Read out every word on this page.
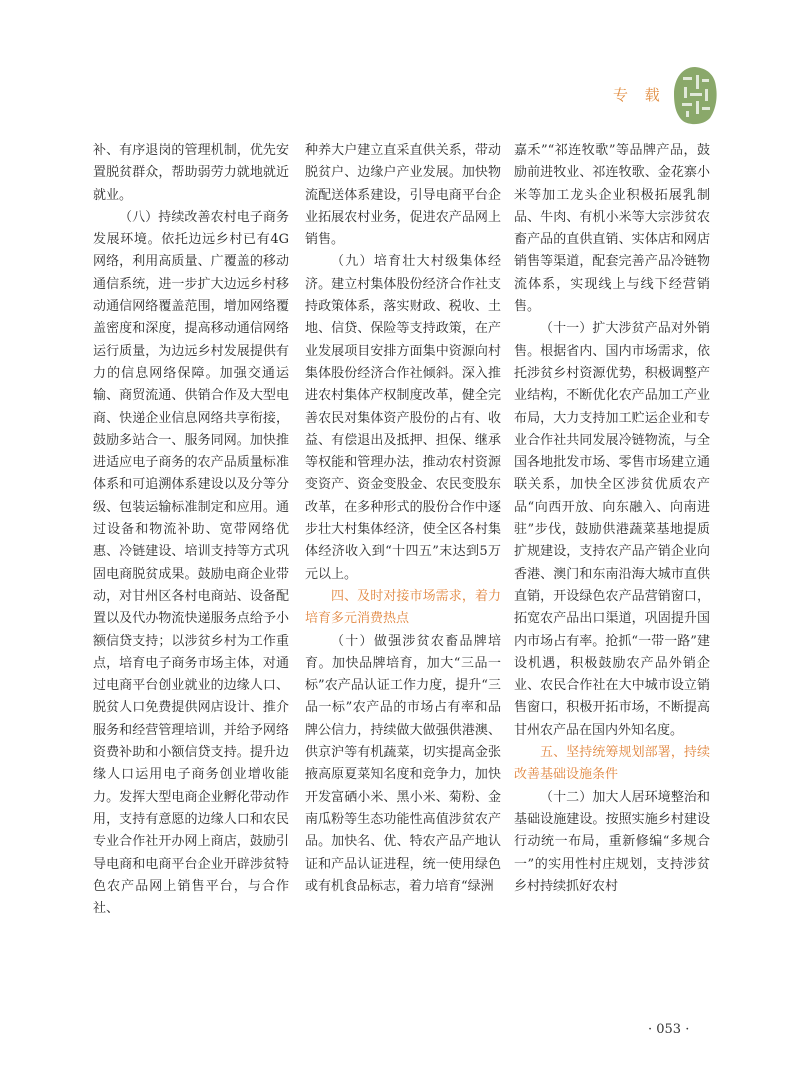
专 载

补、有序退岗的管理机制，优先安置脱贫群众，帮助弱劳力就地就近就业。

（八）持续改善农村电子商务发展环境。依托边远乡村已有4G网络，利用高质量、广覆盖的移动通信系统，进一步扩大边远乡村移动通信网络覆盖范围，增加网络覆盖密度和深度，提高移动通信网络运行质量，为边远乡村发展提供有力的信息网络保障。加强交通运输、商贸流通、供销合作及大型电商、快递企业信息网络共享衔接，鼓励多站合一、服务同网。加快推进适应电子商务的农产品质量标准体系和可追溯体系建设以及分等分级、包装运输标准制定和应用。通过设备和物流补助、宽带网络优惠、冷链建设、培训支持等方式巩固电商脱贫成果。鼓励电商企业带动，对甘州区各村电商站、设备配置以及代办物流快递服务点给予小额信贷支持；以涉贫乡村为工作重点，培育电子商务市场主体，对通过电商平台创业就业的边缘人口、脱贫人口免费提供网店设计、推介服务和经营管理培训，并给予网络资费补助和小额信贷支持。提升边缘人口运用电子商务创业增收能力。发挥大型电商企业孵化带动作用，支持有意愿的边缘人口和农民专业合作社开办网上商店，鼓励引导电商和电商平台企业开辟涉贫特色农产品网上销售平台，与合作社、

种养大户建立直采直供关系，带动脱贫户、边缘户产业发展。加快物流配送体系建设，引导电商平台企业拓展农村业务，促进农产品网上销售。

（九）培育壮大村级集体经济。建立村集体股份经济合作社支持政策体系，落实财政、税收、土地、信贷、保险等支持政策，在产业发展项目安排方面集中资源向村集体股份经济合作社倾斜。深入推进农村集体产权制度改革，健全完善农民对集体资产股份的占有、收益、有偿退出及抵押、担保、继承等权能和管理办法，推动农村资源变资产、资金变股金、农民变股东改革，在多种形式的股份合作中逐步壮大村集体经济，使全区各村集体经济收入到“十四五”末达到5万元以上。

四、及时对接市场需求，着力培育多元消费热点

（十）做强涉贫农畜品牌培育。加快品牌培育，加大“三品一标”农产品认证工作力度，提升“三品一标”农产品的市场占有率和品牌公信力，持续做大做强供港澳、供京沪等有机蔬菜，切实提高金张掖高原夏菜知名度和竞争力，加快开发富硒小米、黑小米、菊粉、金南瓜粉等生态功能性高值涉贫农产品。加快名、优、特农产品产地认证和产品认证进程，统一使用绿色或有机食品标志，着力培育“绿洲

嘉禾”“祁连牧歌”等品牌产品，鼓励前进牧业、祁连牧歌、金花寨小米等加工龙头企业积极拓展乳制品、牛肉、有机小米等大宗涉贫农畜产品的直供直销、实体店和网店销售等渠道，配套完善产品冷链物流体系，实现线上与线下经营销售。

（十一）扩大涉贫产品对外销售。根据省内、国内市场需求，依托涉贫乡村资源优势，积极调整产业结构，不断优化农产品加工产业布局，大力支持加工贮运企业和专业合作社共同发展冷链物流，与全国各地批发市场、零售市场建立通联关系，加快全区涉贫优质农产品“向西开放、向东融入、向南进驻”步伐，鼓励供港蔬菜基地提质扩规建设，支持农产品产销企业向香港、澳门和东南沿海大城市直供直销，开设绿色农产品营销窗口，拓宽农产品出口渠道，巩固提升国内市场占有率。抢抓“一带一路”建设机遇，积极鼓励农产品外销企业、农民合作社在大中城市设立销售窗口，积极开拓市场，不断提高甘州农产品在国内外知名度。

五、坚持统筹规划部署，持续改善基础设施条件

（十二）加大人居环境整治和基础设施建设。按照实施乡村建设行动统一布局，重新修编“多规合一”的实用性村庄规划，支持涉贫乡村持续抓好农村

· 053 ·
